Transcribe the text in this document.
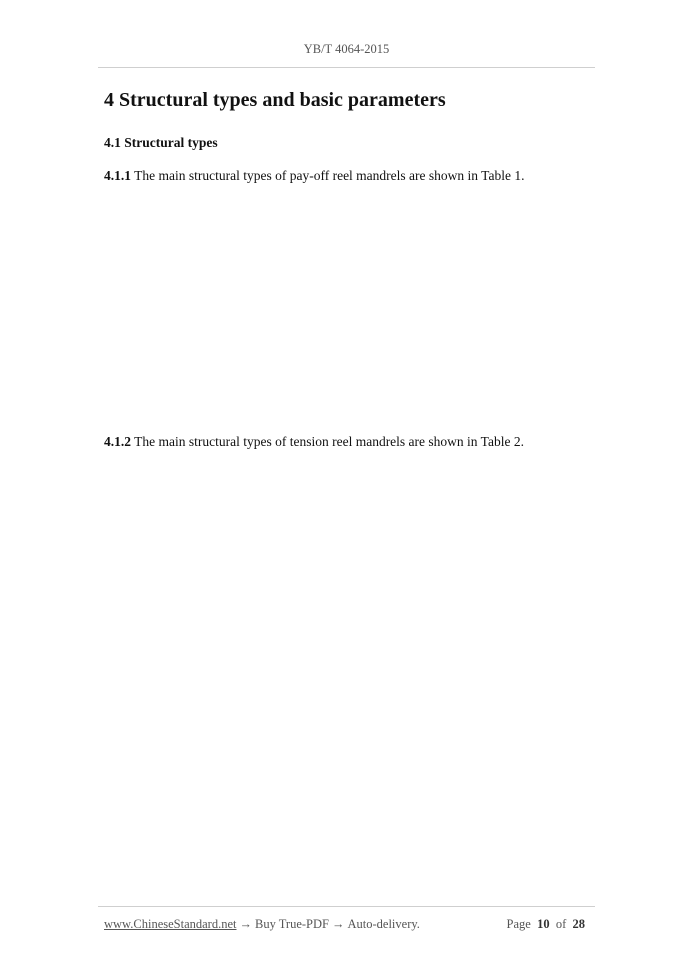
YB/T 4064-2015
4 Structural types and basic parameters
4.1 Structural types

4.1.1 The main structural types of pay-off reel mandrels are shown in Table 1.

4.1.2 The main structural types of tension reel mandrels are shown in Table 2.

www.ChineseStandard.net → Buy True-PDF → Auto-delivery.	Page 10 of 28
